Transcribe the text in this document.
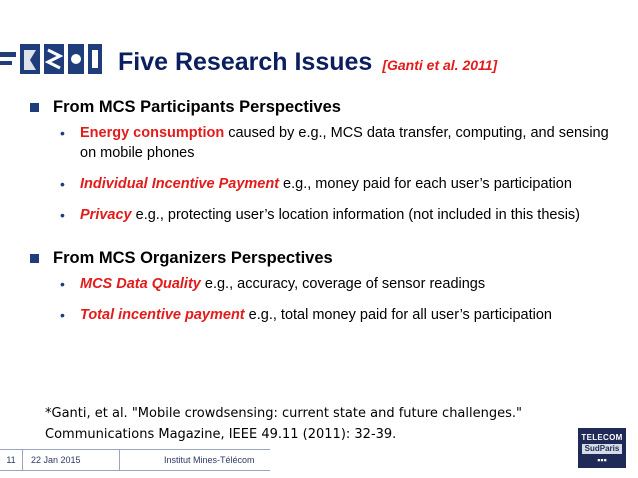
Five Research Issues [Ganti et al. 2011]
From MCS Participants Perspectives
• Energy consumption caused by e.g., MCS data transfer, computing, and sensing on mobile phones
• Individual Incentive Payment e.g., money paid for each user’s participation
• Privacy e.g., protecting user’s location information (not included in this thesis)
From MCS Organizers Perspectives
• MCS Data Quality e.g., accuracy, coverage of sensor readings
• Total incentive payment e.g., total money paid for all user’s participation
*Ganti, et al. "Mobile crowdsensing: current state and future challenges."
Communications Magazine, IEEE 49.11 (2011): 32-39.
11	22 Jan 2015	Institut Mines-Télécom
TELECOM
SudParis
▪▪▪
